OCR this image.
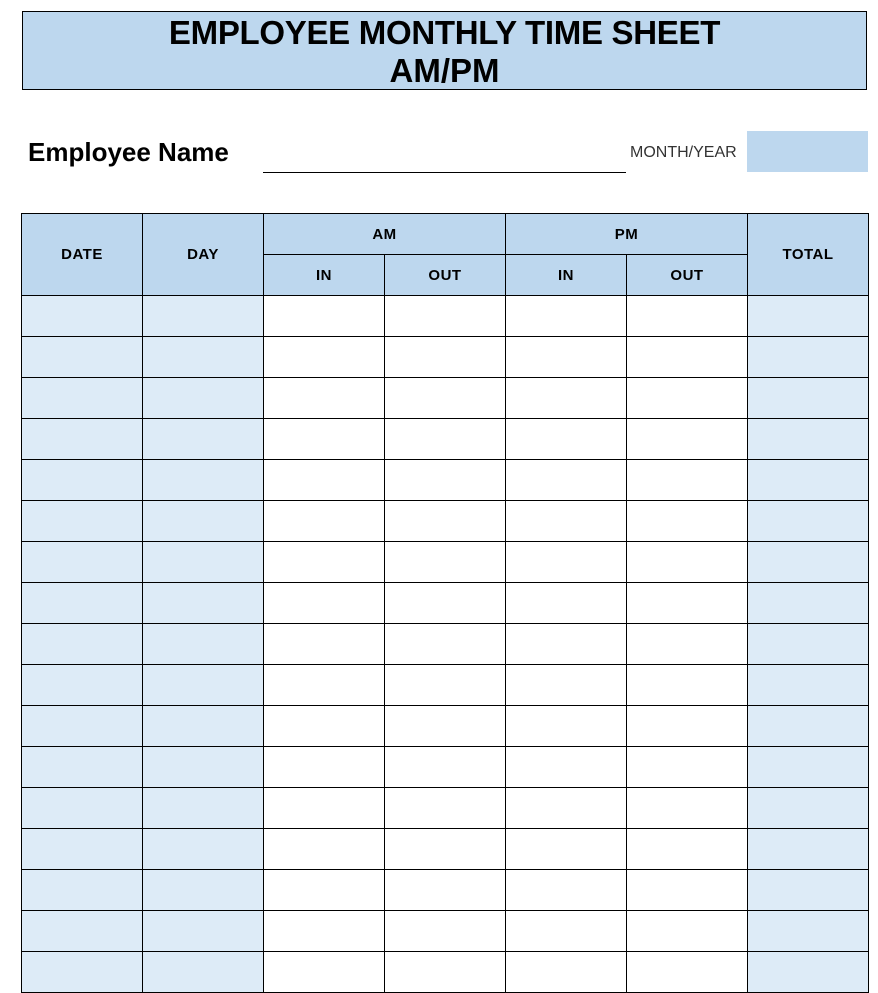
EMPLOYEE MONTHLY TIME SHEET
AM/PM
Employee Name	MONTH/YEAR
DATE	DAY	AM		PM		TOTAL
		IN	OUT	IN	OUT	
